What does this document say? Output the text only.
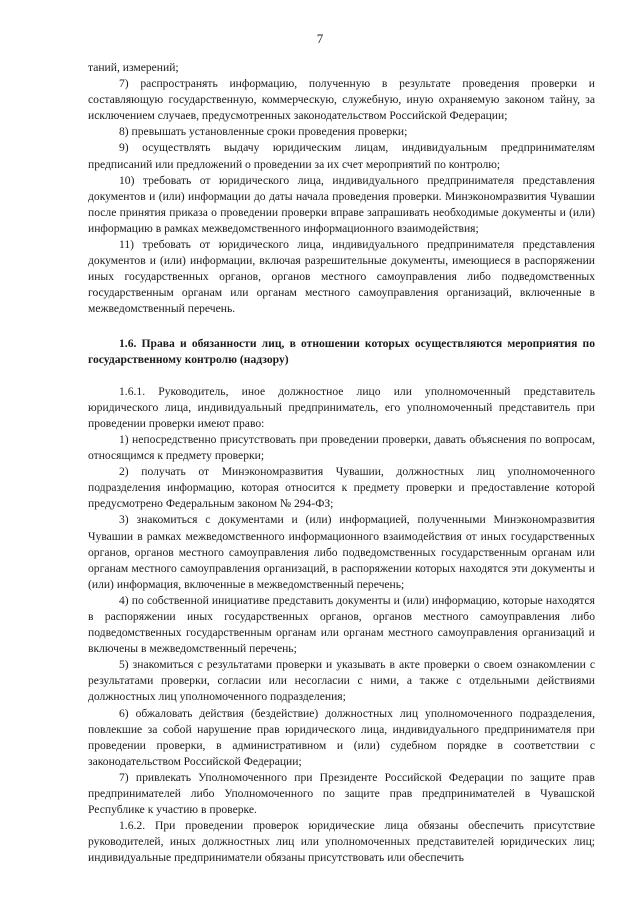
7

таний, измерений;

7) распространять информацию, полученную в результате проведения проверки и составляющую государственную, коммерческую, служебную, иную охраняемую законом тайну, за исключением случаев, предусмотренных законодательством Российской Федерации;

8) превышать установленные сроки проведения проверки;

9) осуществлять выдачу юридическим лицам, индивидуальным предпринимателям предписаний или предложений о проведении за их счет мероприятий по контролю;

10) требовать от юридического лица, индивидуального предпринимателя представления документов и (или) информации до даты начала проведения проверки. Минэкономразвития Чувашии после принятия приказа о проведении проверки вправе запрашивать необходимые документы и (или) информацию в рамках межведомственного информационного взаимодействия;

11) требовать от юридического лица, индивидуального предпринимателя представления документов и (или) информации, включая разрешительные документы, имеющиеся в распоряжении иных государственных органов, органов местного самоуправления либо подведомственных государственным органам или органам местного самоуправления организаций, включенные в межведомственный перечень.

1.6. Права и обязанности лиц, в отношении которых осуществляются мероприятия по государственному контролю (надзору)

1.6.1. Руководитель, иное должностное лицо или уполномоченный представитель юридического лица, индивидуальный предприниматель, его уполномоченный представитель при проведении проверки имеют право:

1) непосредственно присутствовать при проведении проверки, давать объяснения по вопросам, относящимся к предмету проверки;

2) получать от Минэкономразвития Чувашии, должностных лиц уполномоченного подразделения информацию, которая относится к предмету проверки и предоставление которой предусмотрено Федеральным законом № 294-ФЗ;

3) знакомиться с документами и (или) информацией, полученными Минэкономразвития Чувашии в рамках межведомственного информационного взаимодействия от иных государственных органов, органов местного самоуправления либо подведомственных государственным органам или органам местного самоуправления организаций, в распоряжении которых находятся эти документы и (или) информация, включенные в межведомственный перечень;

4) по собственной инициативе представить документы и (или) информацию, которые находятся в распоряжении иных государственных органов, органов местного самоуправления либо подведомственных государственным органам или органам местного самоуправления организаций и включены в межведомственный перечень;

5) знакомиться с результатами проверки и указывать в акте проверки о своем ознакомлении с результатами проверки, согласии или несогласии с ними, а также с отдельными действиями должностных лиц уполномоченного подразделения;

6) обжаловать действия (бездействие) должностных лиц уполномоченного подразделения, повлекшие за собой нарушение прав юридического лица, индивидуального предпринимателя при проведении проверки, в административном и (или) судебном порядке в соответствии с законодательством Российской Федерации;

7) привлекать Уполномоченного при Президенте Российской Федерации по защите прав предпринимателей либо Уполномоченного по защите прав предпринимателей в Чувашской Республике к участию в проверке.

1.6.2. При проведении проверок юридические лица обязаны обеспечить присутствие руководителей, иных должностных лиц или уполномоченных представителей юридических лиц; индивидуальные предприниматели обязаны присутствовать или обеспечить
